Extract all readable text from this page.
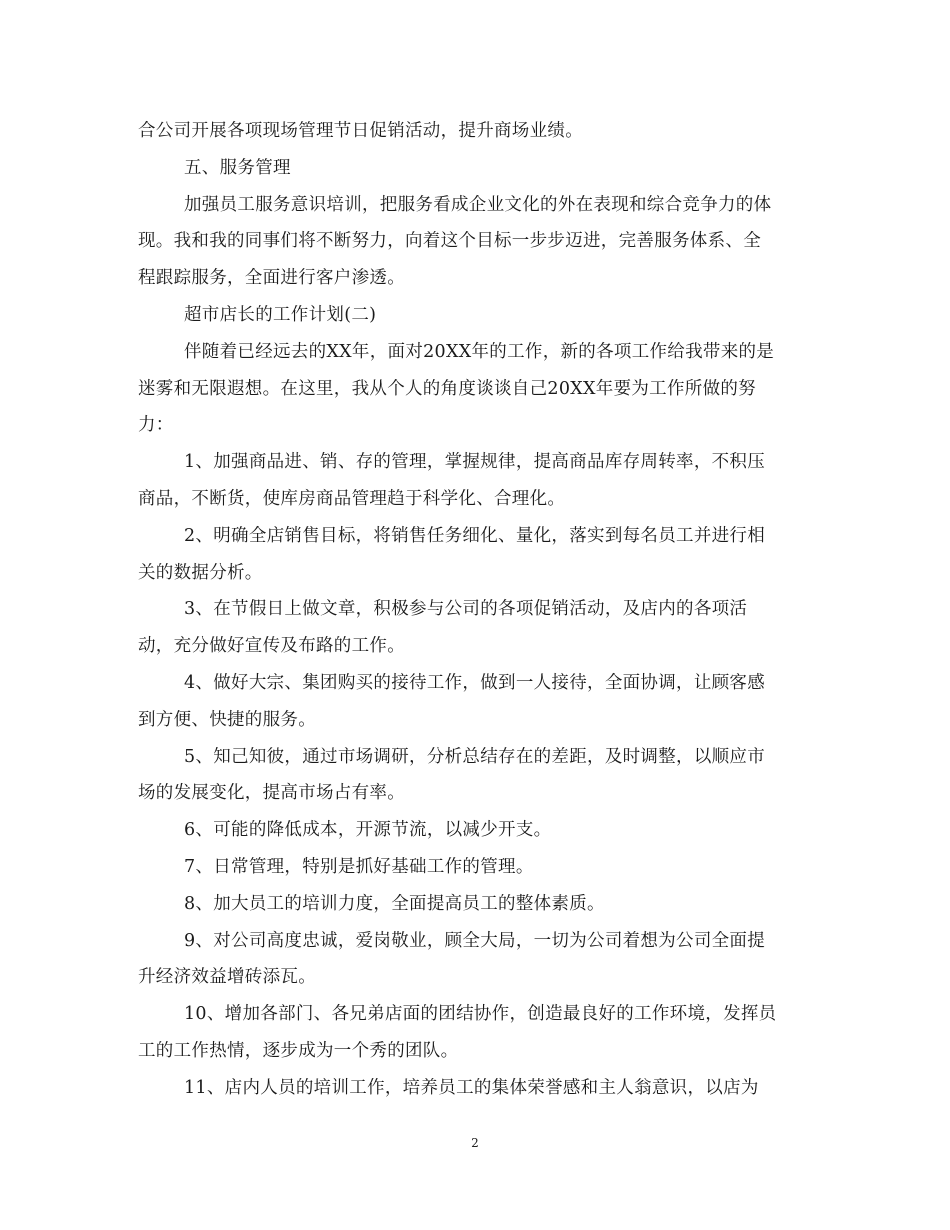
合公司开展各项现场管理节日促销活动，提升商场业绩。
五、服务管理
加强员工服务意识培训，把服务看成企业文化的外在表现和综合竞争力的体
现。我和我的同事们将不断努力，向着这个目标一步步迈进，完善服务体系、全
程跟踪服务，全面进行客户渗透。
超市店长的工作计划(二)
伴随着已经远去的XX年，面对20XX年的工作，新的各项工作给我带来的是
迷雾和无限遐想。在这里，我从个人的角度谈谈自己20XX年要为工作所做的努
力：
1、加强商品进、销、存的管理，掌握规律，提高商品库存周转率，不积压
商品，不断货，使库房商品管理趋于科学化、合理化。
2、明确全店销售目标，将销售任务细化、量化，落实到每名员工并进行相
关的数据分析。
3、在节假日上做文章，积极参与公司的各项促销活动，及店内的各项活
动，充分做好宣传及布路的工作。
4、做好大宗、集团购买的接待工作，做到一人接待，全面协调，让顾客感
到方便、快捷的服务。
5、知己知彼，通过市场调研，分析总结存在的差距，及时调整，以顺应市
场的发展变化，提高市场占有率。
6、可能的降低成本，开源节流，以减少开支。
7、日常管理，特别是抓好基础工作的管理。
8、加大员工的培训力度，全面提高员工的整体素质。
9、对公司高度忠诚，爱岗敬业，顾全大局，一切为公司着想为公司全面提
升经济效益增砖添瓦。
10、增加各部门、各兄弟店面的团结协作，创造最良好的工作环境，发挥员
工的工作热情，逐步成为一个秀的团队。
11、店内人员的培训工作，培养员工的集体荣誉感和主人翁意识，以店为
2
